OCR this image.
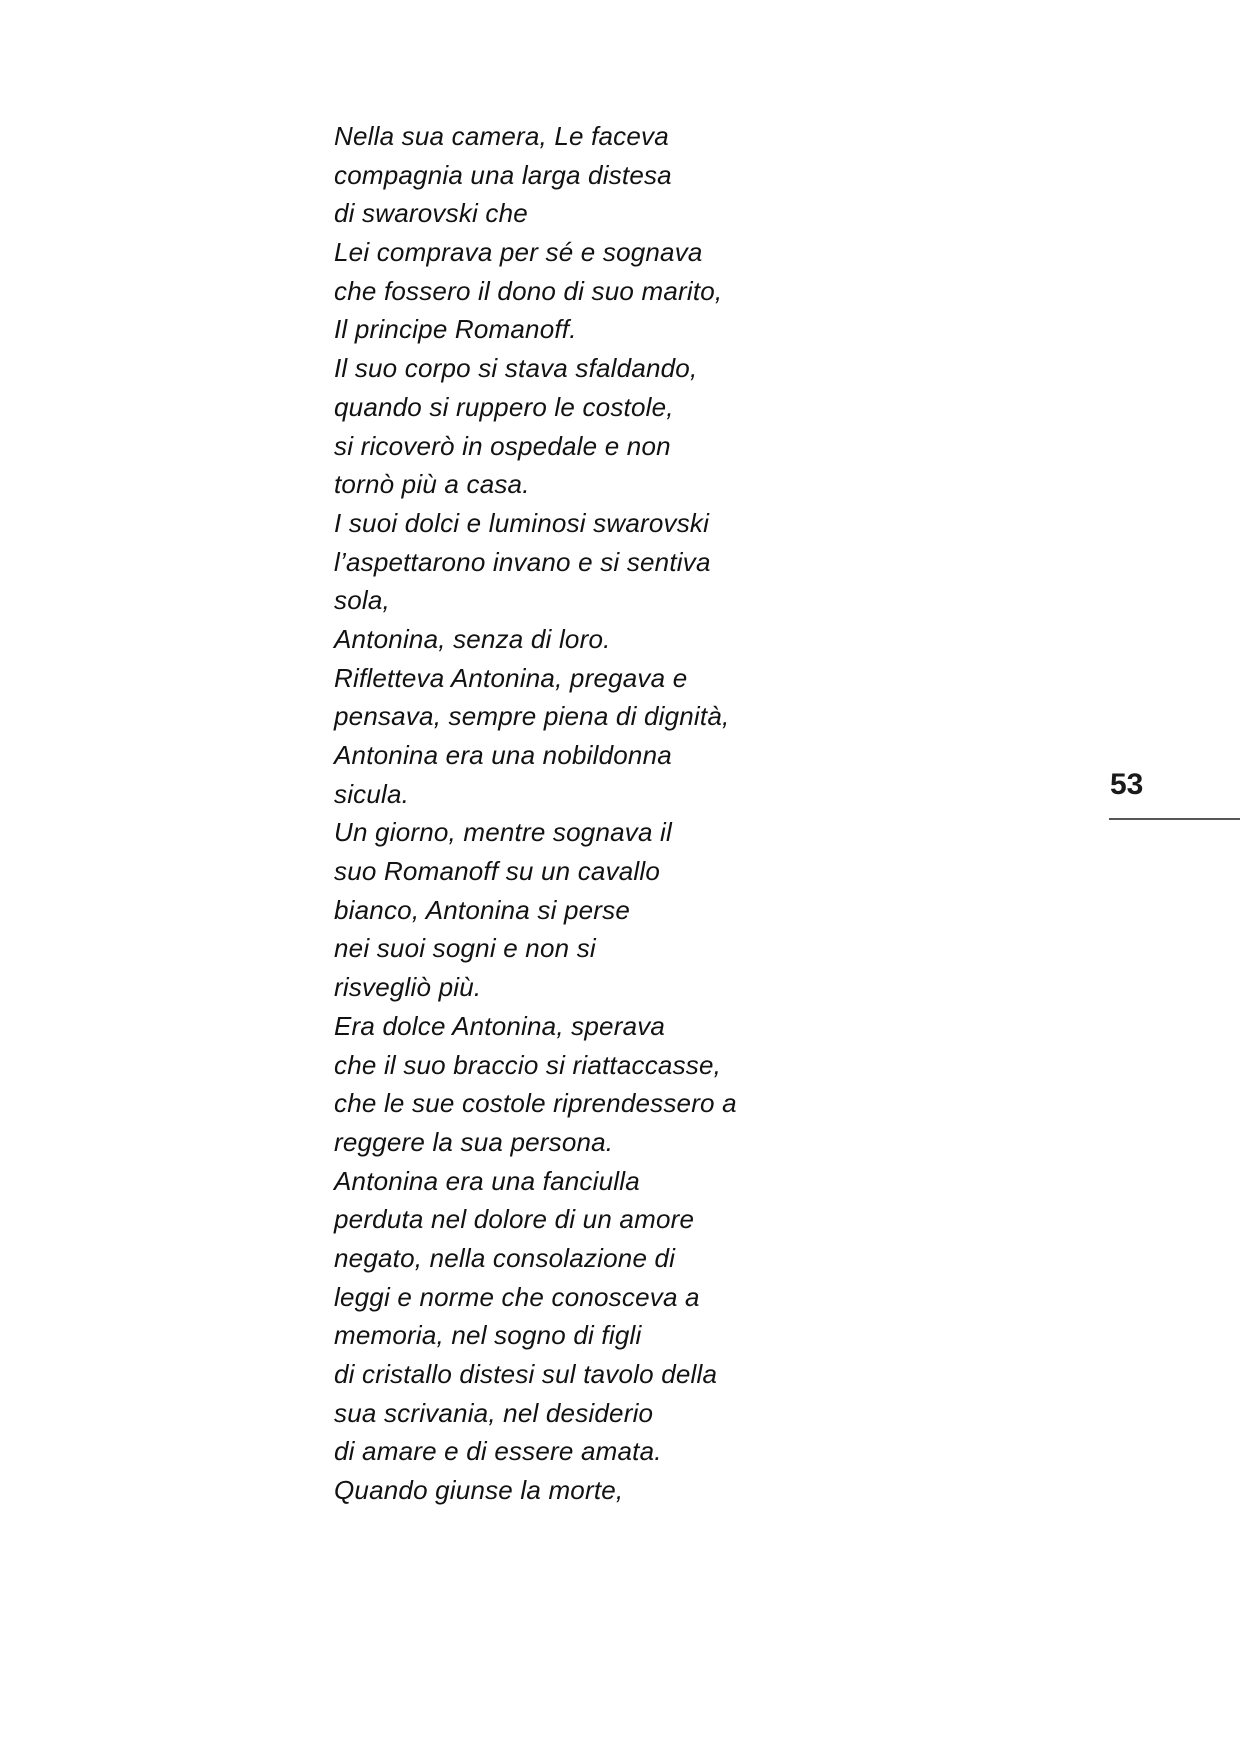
Nella sua camera, Le faceva
compagnia una larga distesa
di swarovski che
Lei comprava per sé e sognava
che fossero il dono di suo marito,
Il principe Romanoff.
Il suo corpo si stava sfaldando,
quando si ruppero le costole,
si ricoverò in ospedale e non
tornò più a casa.
I suoi dolci e luminosi swarovski
l’aspettarono invano e si sentiva
sola,
Antonina, senza di loro.
Rifletteva Antonina, pregava e
pensava, sempre piena di dignità,
Antonina era una nobildonna
sicula.
Un giorno, mentre sognava il
suo Romanoff su un cavallo
bianco, Antonina si perse
nei suoi sogni e non si
risvegliò più.
Era dolce Antonina, sperava
che il suo braccio si riattaccasse,
che le sue costole riprendessero a
reggere la sua persona.
Antonina era una fanciulla
perduta nel dolore di un amore
negato, nella consolazione di
leggi e norme che conosceva a
memoria, nel sogno di figli
di cristallo distesi sul tavolo della
sua scrivania, nel desiderio
di amare e di essere amata.
Quando giunse la morte,
53
